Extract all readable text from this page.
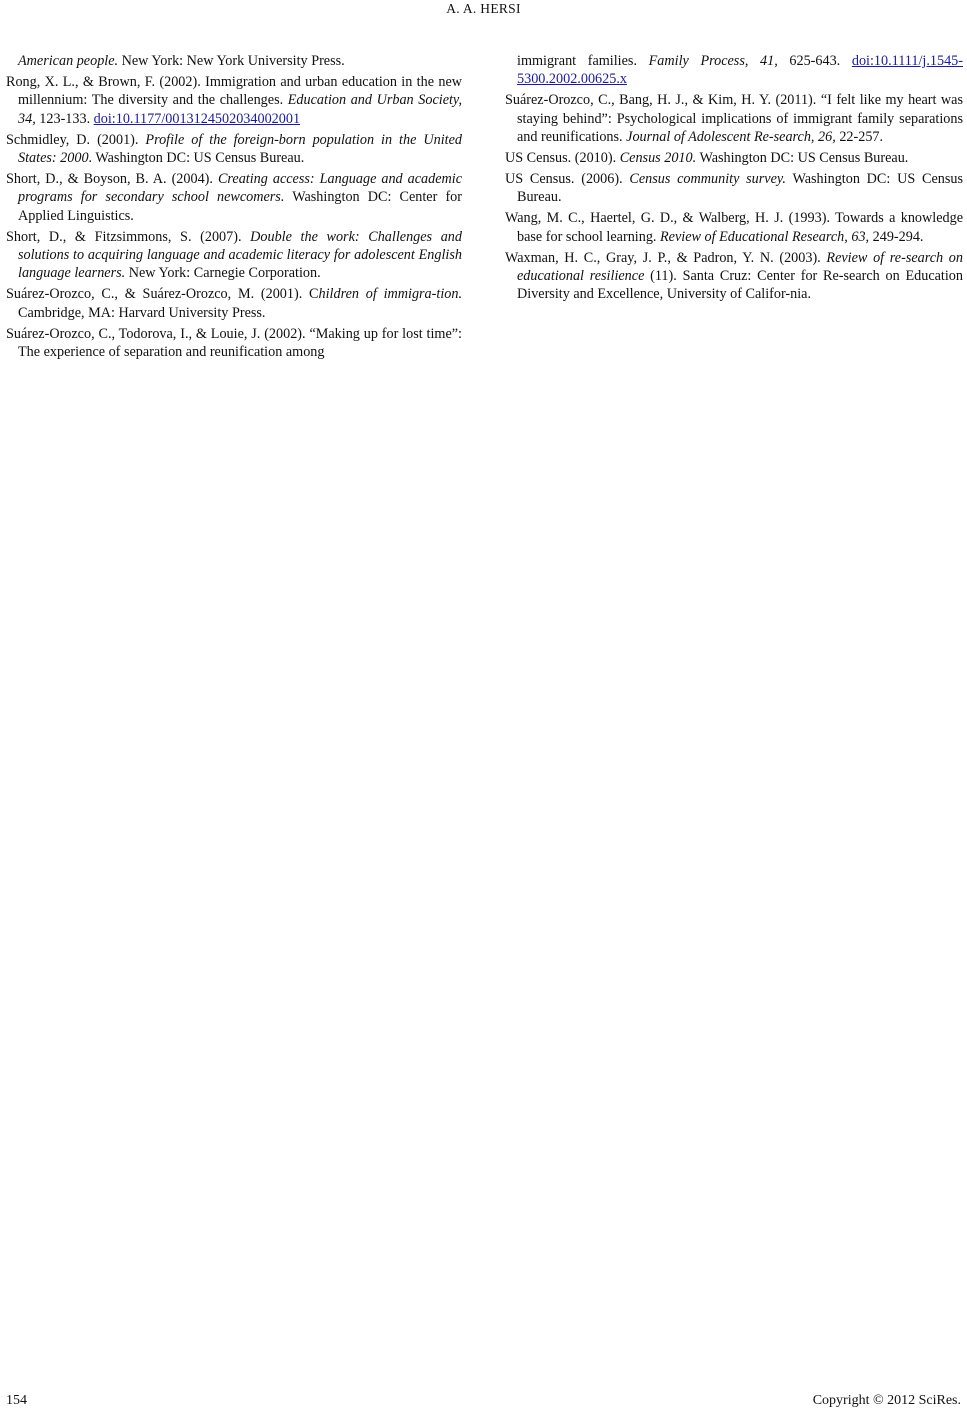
A. A. HERSI

American people. New York: New York University Press.

Rong, X. L., & Brown, F. (2002). Immigration and urban education in the new millennium: The diversity and the challenges. Education and Urban Society, 34, 123-133. doi:10.1177/0013124502034002001

Schmidley, D. (2001). Profile of the foreign-born population in the United States: 2000. Washington DC: US Census Bureau.

Short, D., & Boyson, B. A. (2004). Creating access: Language and academic programs for secondary school newcomers. Washington DC: Center for Applied Linguistics.

Short, D., & Fitzsimmons, S. (2007). Double the work: Challenges and solutions to acquiring language and academic literacy for adolescent English language learners. New York: Carnegie Corporation.

Suárez-Orozco, C., & Suárez-Orozco, M. (2001). Children of immigra-tion. Cambridge, MA: Harvard University Press.

Suárez-Orozco, C., Todorova, I., & Louie, J. (2002). “Making up for lost time”: The experience of separation and reunification among

immigrant families. Family Process, 41, 625-643. doi:10.1111/j.1545-5300.2002.00625.x

Suárez-Orozco, C., Bang, H. J., & Kim, H. Y. (2011). “I felt like my heart was staying behind”: Psychological implications of immigrant family separations and reunifications. Journal of Adolescent Re-search, 26, 22-257.

US Census. (2010). Census 2010. Washington DC: US Census Bureau.

US Census. (2006). Census community survey. Washington DC: US Census Bureau.

Wang, M. C., Haertel, G. D., & Walberg, H. J. (1993). Towards a knowledge base for school learning. Review of Educational Research, 63, 249-294.

Waxman, H. C., Gray, J. P., & Padron, Y. N. (2003). Review of re-search on educational resilience (11). Santa Cruz: Center for Re-search on Education Diversity and Excellence, University of Califor-nia.

154	Copyright © 2012 SciRes.
